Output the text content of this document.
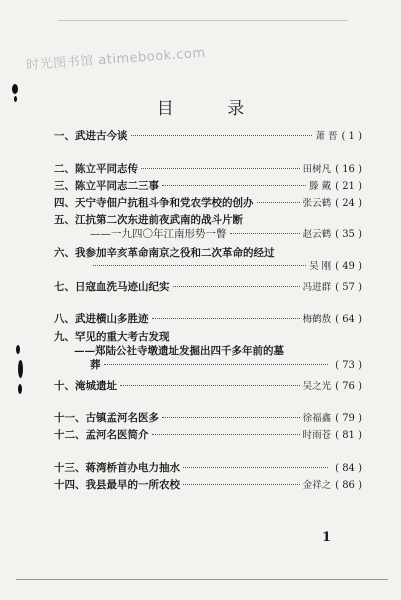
时光图书馆 atimebook.com
目 录
一、武进古今谈	萧 晋 ( 1 )
二、陈立平同志传	田树凡 ( 16 )
三、陈立平同志二三事	滕 戴 ( 21 )
四、天宁寺佃户抗租斗争和党农学校的创办	张云鹤 ( 24 )
五、江抗第二次东进前夜武南的战斗片断
——一九四〇年江南形势一瞥	赵云鹤 ( 35 )
六、我参加辛亥革命南京之役和二次革命的经过
吴 刚 ( 49 )
七、日寇血洗马迹山纪实	冯进群 ( 57 )
八、武进横山多胜迹	梅鹤敖 ( 64 )
九、罕见的重大考古发现
——郑陆公社寺墩遗址发掘出四千多年前的墓
葬	( 73 )
十、淹城遗址	吴之光 ( 76 )
十一、古镇孟河名医多	徐福鑫 ( 79 )
十二、孟河名医简介	时雨苍 ( 81 )
十三、蒋湾桥首办电力抽水	( 84 )
十四、我县最早的一所农校	金祥之 ( 86 )
1
